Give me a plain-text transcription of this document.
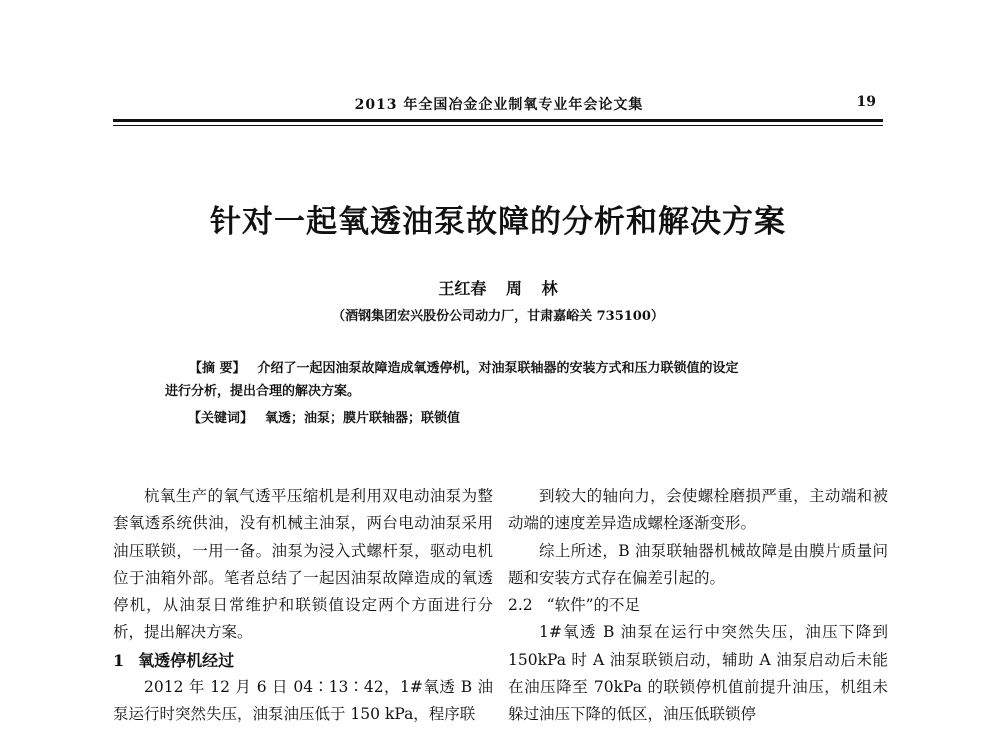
2013 年全国冶金企业制氧专业年会论文集	19
针对一起氧透油泵故障的分析和解决方案
王红春 周 林
（酒钢集团宏兴股份公司动力厂，甘肃嘉峪关 735100）
【摘 要】 介绍了一起因油泵故障造成氧透停机，对油泵联轴器的安装方式和压力联锁值的设定
进行分析，提出合理的解决方案。
【关键词】 氧透；油泵；膜片联轴器；联锁值

杭氧生产的氧气透平压缩机是利用双电动油泵为整套氧透系统供油，没有机械主油泵，两台电动油泵采用油压联锁，一用一备。油泵为浸入式螺杆泵，驱动电机位于油箱外部。笔者总结了一起因油泵故障造成的氧透停机，从油泵日常维护和联锁值设定两个方面进行分析，提出解决方案。

1 氧透停机经过

2012 年 12 月 6 日 04∶13∶42，1#氧透 B 油泵运行时突然失压，油泵油压低于 150 kPa，程序联

到较大的轴向力，会使螺栓磨损严重，主动端和被动端的速度差异造成螺栓逐渐变形。

综上所述，B 油泵联轴器机械故障是由膜片质量问题和安装方式存在偏差引起的。

2.2 “软件”的不足

1#氧透 B 油泵在运行中突然失压，油压下降到 150kPa 时 A 油泵联锁启动，辅助 A 油泵启动后未能在油压降至 70kPa 的联锁停机值前提升油压，机组未躲过油压下降的低区，油压低联锁停
